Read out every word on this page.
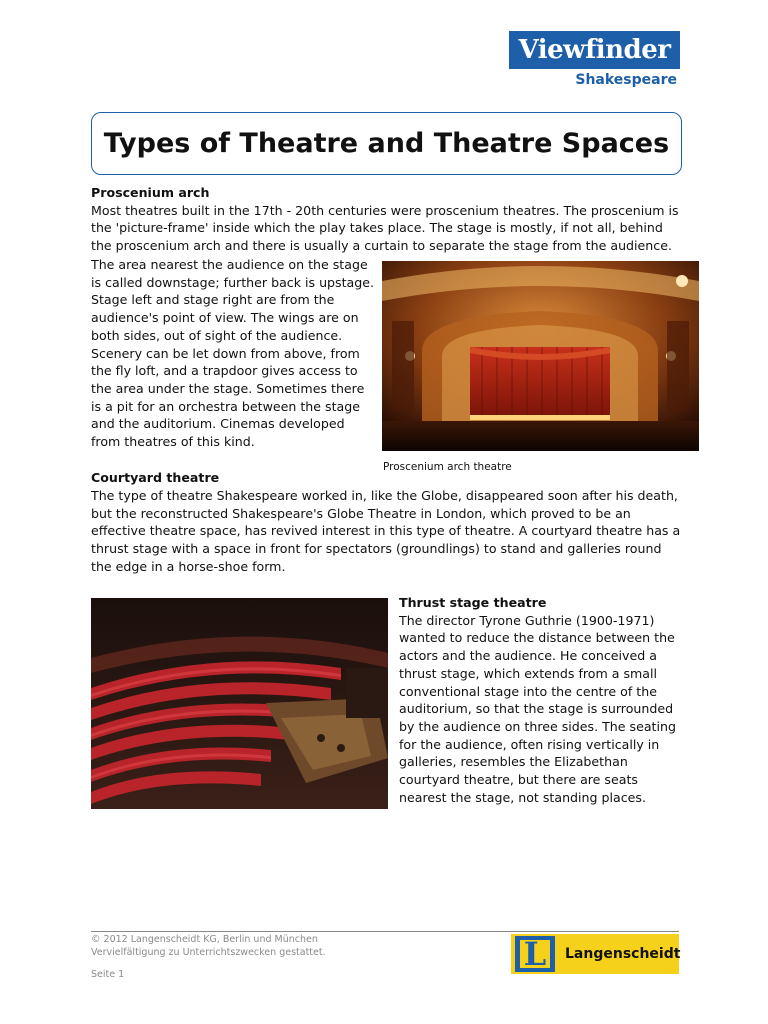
Viewfinder
Shakespeare
Types of Theatre and Theatre Spaces
Proscenium arch
Most theatres built in the 17th - 20th centuries were proscenium theatres. The proscenium is the 'picture-frame' inside which the play takes place. The stage is mostly, if not all, behind the proscenium arch and there is usually a curtain to separate the stage from the audience.
The area nearest the audience on the stage is called downstage; further back is upstage. Stage left and stage right are from the audience's point of view. The wings are on both sides, out of sight of the audience. Scenery can be let down from above, from the fly loft, and a trapdoor gives access to the area under the stage. Sometimes there is a pit for an orchestra between the stage and the auditorium. Cinemas developed from theatres of this kind.
Proscenium arch theatre
Courtyard theatre
The type of theatre Shakespeare worked in, like the Globe, disappeared soon after his death, but the reconstructed Shakespeare's Globe Theatre in London, which proved to be an effective theatre space, has revived interest in this type of theatre. A courtyard theatre has a thrust stage with a space in front for spectators (groundlings) to stand and galleries round the edge in a horse-shoe form.
Thrust stage theatre
The director Tyrone Guthrie (1900-1971) wanted to reduce the distance between the actors and the audience. He conceived a thrust stage, which extends from a small conventional stage into the centre of the auditorium, so that the stage is surrounded by the audience on three sides. The seating for the audience, often rising vertically in galleries, resembles the Elizabethan courtyard theatre, but there are seats nearest the stage, not standing places.
© 2012 Langenscheidt KG, Berlin und München
Vervielfältigung zu Unterrichtszwecken gestattet.
Seite 1
L Langenscheidt
